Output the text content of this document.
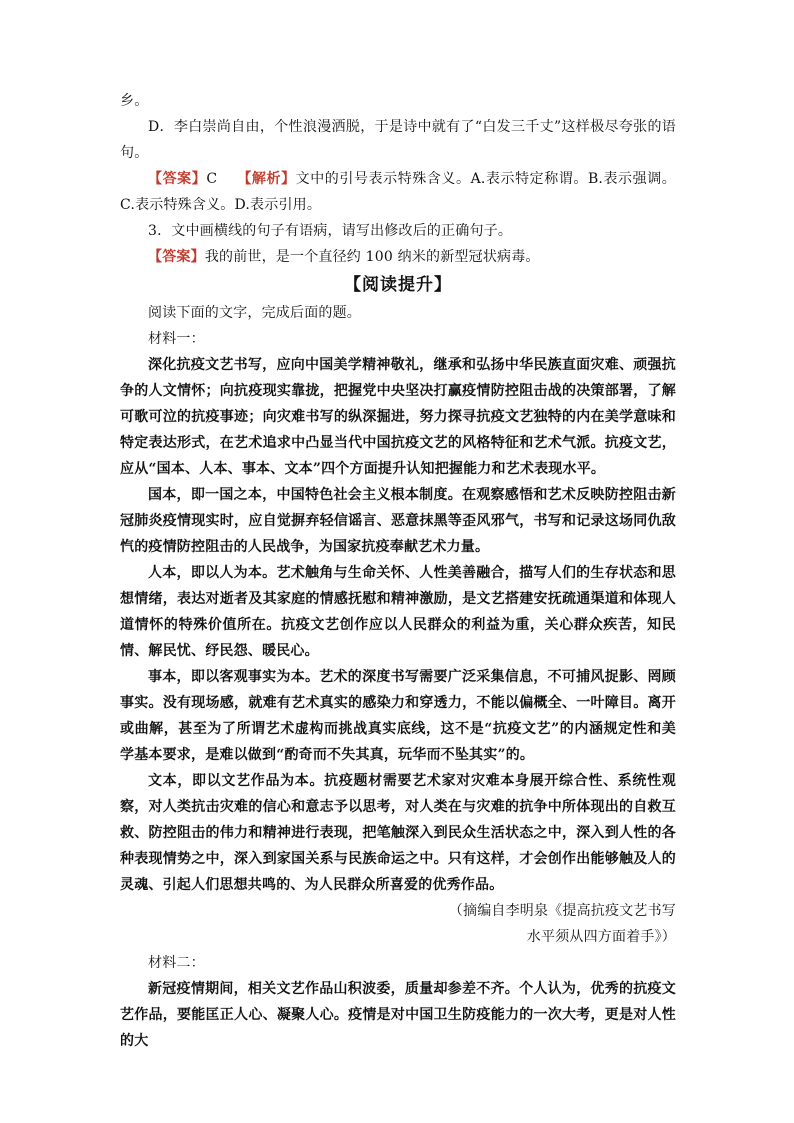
乡。

D．李白崇尚自由，个性浪漫洒脱，于是诗中就有了“白发三千丈”这样极尽夸张的语句。

【答案】C 【解析】文中的引号表示特殊含义。A.表示特定称谓。B.表示强调。C.表示特殊含义。D.表示引用。

3．文中画横线的句子有语病，请写出修改后的正确句子。

【答案】我的前世，是一个直径约 100 纳米的新型冠状病毒。

【阅读提升】

阅读下面的文字，完成后面的题。

材料一：

深化抗疫文艺书写，应向中国美学精神敬礼，继承和弘扬中华民族直面灾难、顽强抗争的人文情怀；向抗疫现实靠拢，把握党中央坚决打赢疫情防控阻击战的决策部署，了解可歌可泣的抗疫事迹；向灾难书写的纵深掘进，努力探寻抗疫文艺独特的内在美学意味和特定表达形式，在艺术追求中凸显当代中国抗疫文艺的风格特征和艺术气派。抗疫文艺，应从“国本、人本、事本、文本”四个方面提升认知把握能力和艺术表现水平。

国本，即一国之本，中国特色社会主义根本制度。在观察感悟和艺术反映防控阻击新冠肺炎疫情现实时，应自觉摒弃轻信谣言、恶意抹黑等歪风邪气，书写和记录这场同仇敌忾的疫情防控阻击的人民战争，为国家抗疫奉献艺术力量。

人本，即以人为本。艺术触角与生命关怀、人性美善融合，描写人们的生存状态和思想情绪，表达对逝者及其家庭的情感抚慰和精神激励，是文艺搭建安抚疏通渠道和体现人道情怀的特殊价值所在。抗疫文艺创作应以人民群众的利益为重，关心群众疾苦，知民情、解民忧、纾民怨、暖民心。

事本，即以客观事实为本。艺术的深度书写需要广泛采集信息，不可捕风捉影、罔顾事实。没有现场感，就难有艺术真实的感染力和穿透力，不能以偏概全、一叶障目。离开或曲解，甚至为了所谓艺术虚构而挑战真实底线，这不是“抗疫文艺”的内涵规定性和美学基本要求，是难以做到“酌奇而不失其真，玩华而不坠其实”的。

文本，即以文艺作品为本。抗疫题材需要艺术家对灾难本身展开综合性、系统性观察，对人类抗击灾难的信心和意志予以思考，对人类在与灾难的抗争中所体现出的自救互救、防控阻击的伟力和精神进行表现，把笔触深入到民众生活状态之中，深入到人性的各种表现情势之中，深入到家国关系与民族命运之中。只有这样，才会创作出能够触及人的灵魂、引起人们思想共鸣的、为人民群众所喜爱的优秀作品。

（摘编自李明泉《提高抗疫文艺书写

水平须从四方面着手》）

材料二：

新冠疫情期间，相关文艺作品山积波委，质量却参差不齐。个人认为，优秀的抗疫文艺作品，要能匡正人心、凝聚人心。疫情是对中国卫生防疫能力的一次大考，更是对人性的大
